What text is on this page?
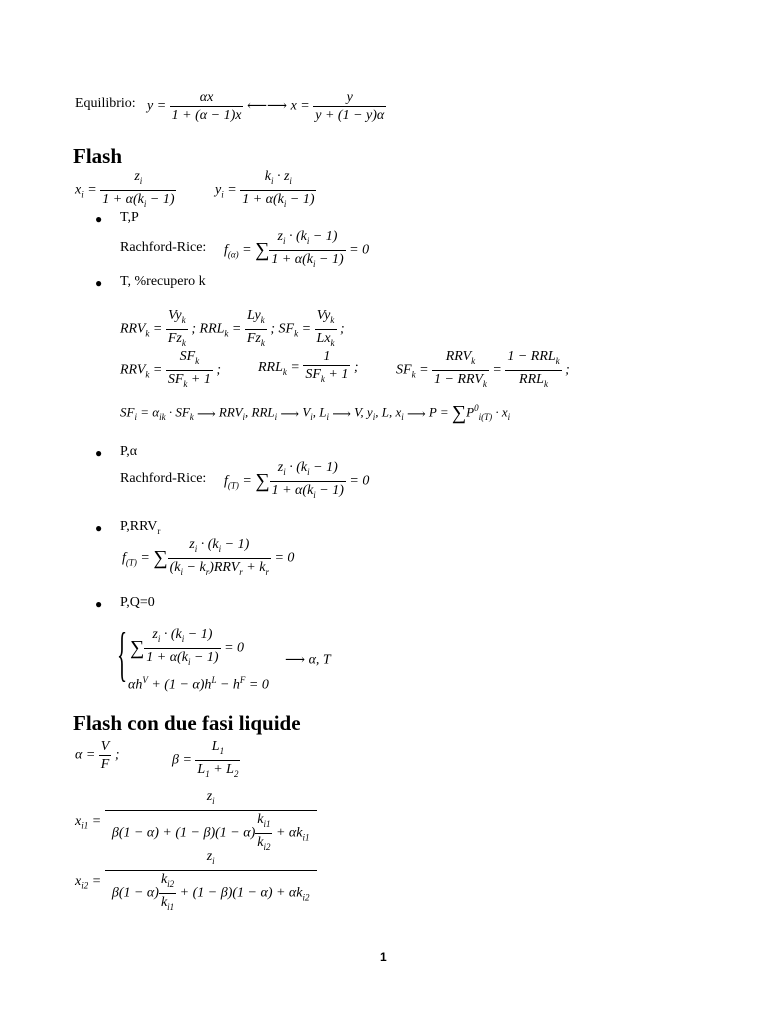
Equilibrio: $y = \frac{\alpha x}{1 + (\alpha - 1)x}$ ⟵⟶ $x = \frac{y}{y + (1 - y)\alpha}$
Flash
$x_i = \frac{z_i}{1 + \alpha(k_i - 1)}$	$y_i = \frac{k_i \cdot z_i}{1 + \alpha(k_i - 1)}$
● T,P
Rachford-Rice: $f_{(\alpha)}$ = ∑ $\frac{z_i \cdot (k_i - 1)}{1 + \alpha(k_i - 1)} = 0$
● T, %recupero k
$RRV_k = \frac{Vy_k}{Fz_k}$ ; $RRL_k = \frac{Ly_k}{Fz_k}$ ; $SF_k = \frac{Vy_k}{Lx_k}$ ;
$RRV_k = \frac{SF_k}{SF_k + 1}$ ;	$RRL_k = \frac{1}{SF_k + 1}$ ;	$SF_k = \frac{RRV_k}{1 - RRV_k} = \frac{1 - RRL_k}{RRL_k}$ ;
$SF_i = \alpha_{ik} \cdot SF_k$ ⟶ $RRV_i$, $RRL_i$ ⟶ $V_i$, $L_i$ ⟶ V, $y_i$, L, $x_i$ ⟶ $P = \sum P^0_{i(T)} \cdot x_i$
● P,α
Rachford-Rice: $f_{(T)}$ = ∑ $\frac{z_i \cdot (k_i - 1)}{1 + \alpha(k_i - 1)} = 0$
● $P,RRV_r$
$f_{(T)}$ = ∑ $\frac{z_i \cdot (k_i - 1)}{(k_i - k_r)RRV_r + k_r} = 0$
● P,Q=0
{ ∑ $\frac{z_i \cdot (k_i - 1)}{1 + \alpha(k_i - 1)} = 0$
$\alpha h^V + (1 - \alpha)h^L - h^F = 0$
⟶ α, T
Flash con due fasi liquide
$\alpha = \frac{V}{F}$ ;	$\beta = \frac{L_1}{L_1 + L_2}$
$x_{i1} = \frac{z_i}{\beta(1 - \alpha) + (1 - \beta)(1 - \alpha) \frac{k_{i1}}{k_{i2}} + \alpha k_{i1}}$
$x_{i2} = \frac{z_i}{\beta(1 - \alpha) \frac{k_{i2}}{k_{i1}} + (1 - \beta)(1 - \alpha) + \alpha k_{i2}}$
1
